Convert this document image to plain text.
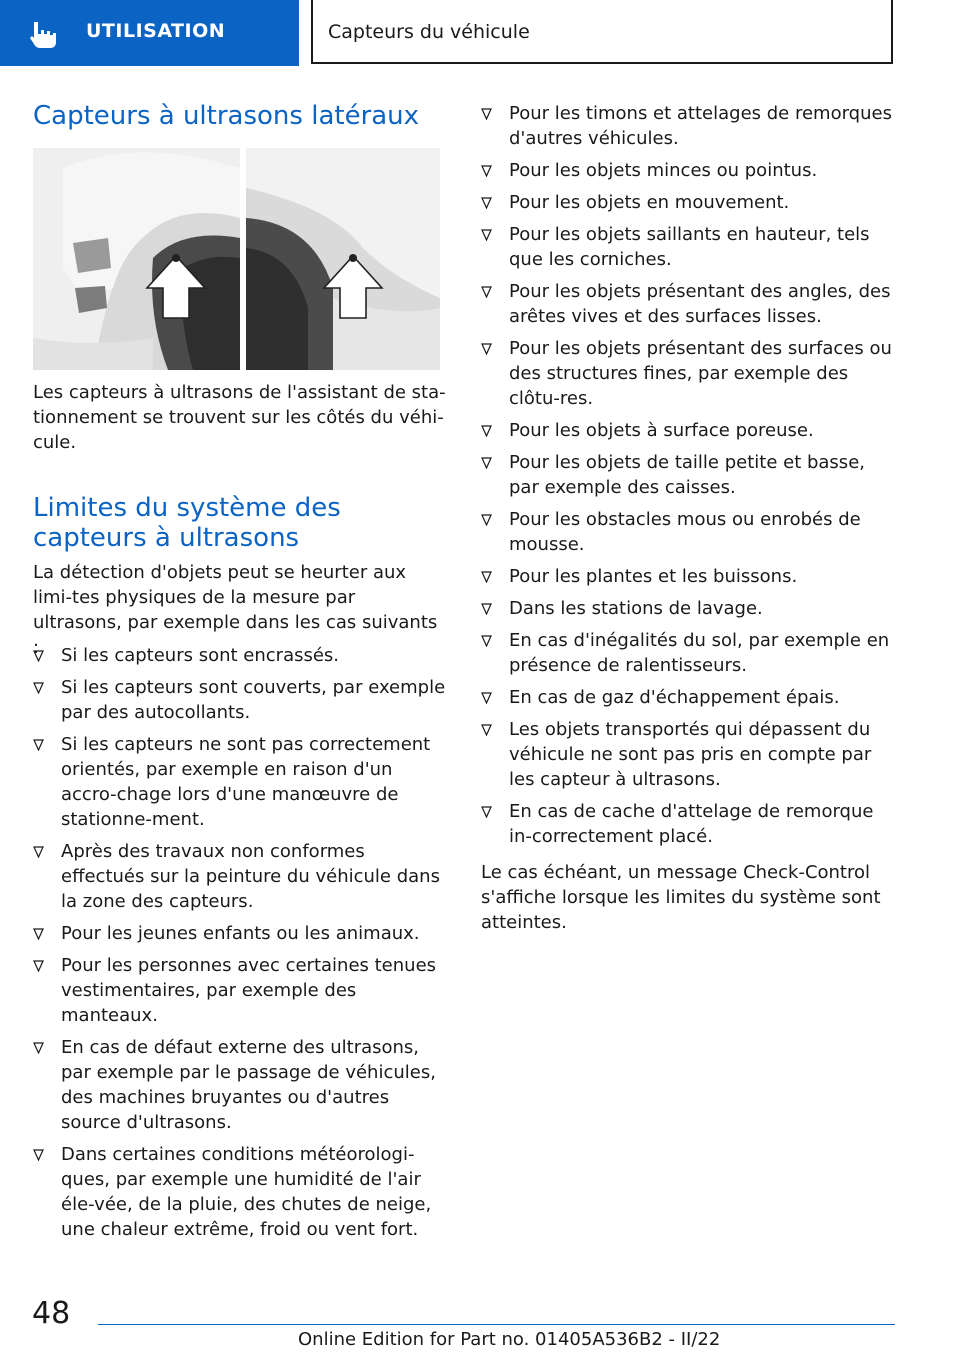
UTILISATION	Capteurs du véhicule
Capteurs à ultrasons latéraux

Les capteurs à ultrasons de l'assistant de sta-tionnement se trouvent sur les côtés du véhi-cule.

Limites du système des capteurs à ultrasons

La détection d'objets peut se heurter aux limi-tes physiques de la mesure par ultrasons, par exemple dans les cas suivants :	Si les capteurs sont encrassés.
Si les capteurs sont couverts, par exemple par des autocollants.
Si les capteurs ne sont pas correctement orientés, par exemple en raison d'un accro-chage lors d'une manœuvre de stationne-ment.
Après des travaux non conformes effectués sur la peinture du véhicule dans la zone des capteurs.
Pour les jeunes enfants ou les animaux.
Pour les personnes avec certaines tenues vestimentaires, par exemple des manteaux.
En cas de défaut externe des ultrasons, par exemple par le passage de véhicules, des machines bruyantes ou d'autres source d'ultrasons.
Dans certaines conditions météorologi-ques, par exemple une humidité de l'air éle-vée, de la pluie, des chutes de neige, une chaleur extrême, froid ou vent fort.
Pour les timons et attelages de remorques d'autres véhicules.
Pour les objets minces ou pointus.
Pour les objets en mouvement.
Pour les objets saillants en hauteur, tels que les corniches.
Pour les objets présentant des angles, des arêtes vives et des surfaces lisses.
Pour les objets présentant des surfaces ou des structures fines, par exemple des clôtu-res.
Pour les objets à surface poreuse.
Pour les objets de taille petite et basse, par exemple des caisses.
Pour les obstacles mous ou enrobés de mousse.
Pour les plantes et les buissons.
Dans les stations de lavage.
En cas d'inégalités du sol, par exemple en présence de ralentisseurs.
En cas de gaz d'échappement épais.
Les objets transportés qui dépassent du véhicule ne sont pas pris en compte par les capteur à ultrasons.
En cas de cache d'attelage de remorque in-correctement placé.

Le cas échéant, un message Check-Control s'affiche lorsque les limites du système sont atteintes.

48
Online Edition for Part no. 01405A536B2 - II/22
